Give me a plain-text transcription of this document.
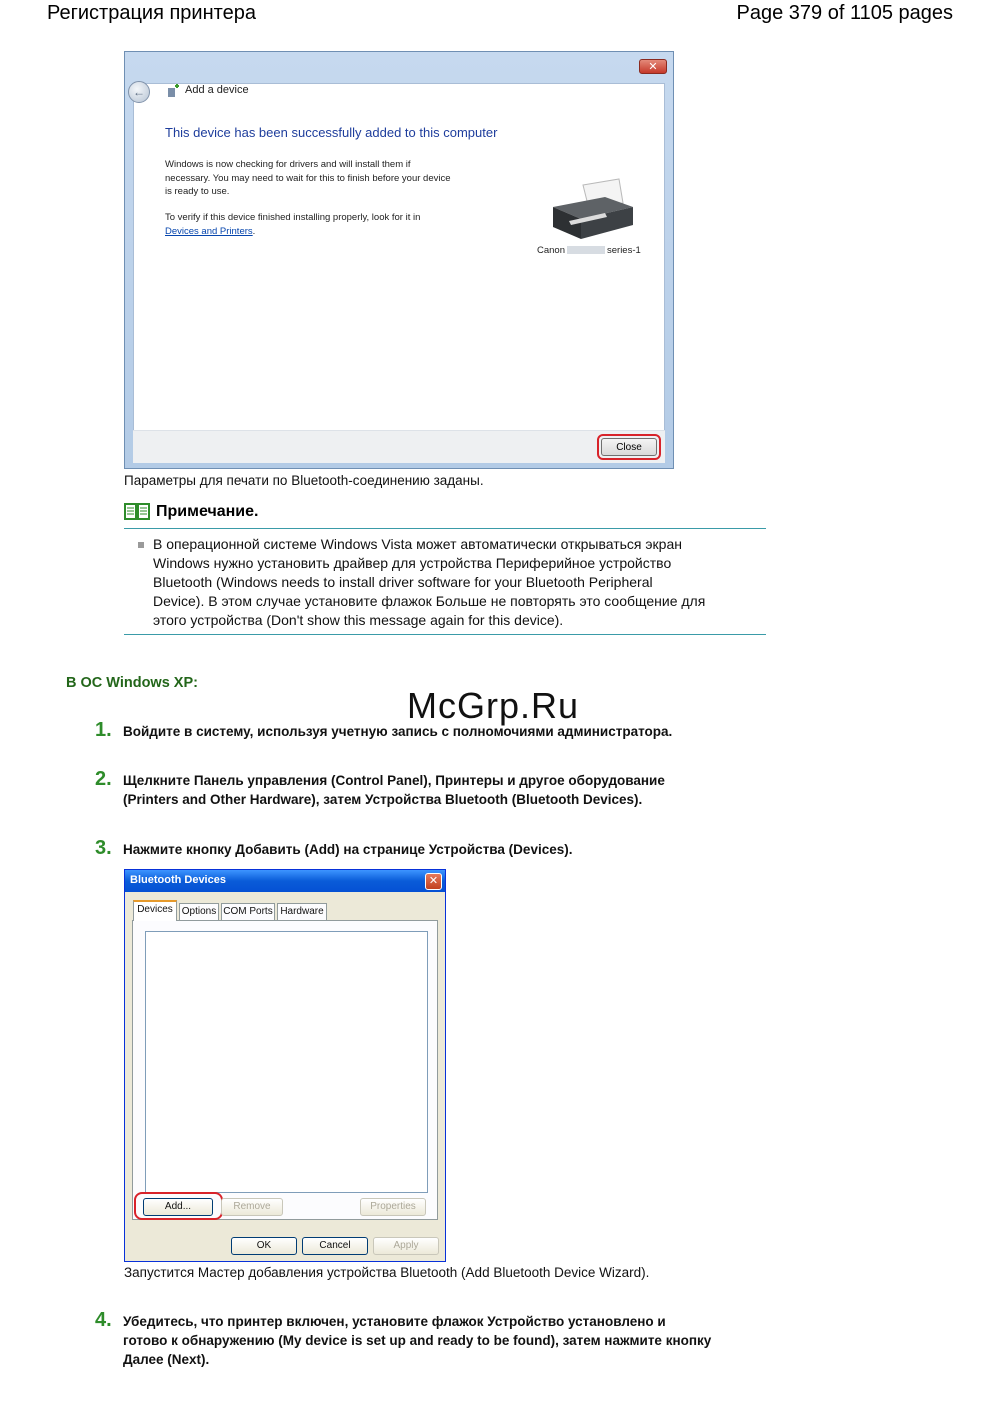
Регистрация принтера	Page 379 of 1105 pages
✕
←	Add a device
This device has been successfully added to this computer
Windows is now checking for drivers and will install them if
necessary. You may need to wait for this to finish before your device
is ready to use.
To verify if this device finished installing properly, look for it in
Devices and Printers.
Canon	series-1
Close
Параметры для печати по Bluetooth-соединению заданы.
Примечание.
В операционной системе Windows Vista может автоматически открываться экран
Windows нужно установить драйвер для устройства Периферийное устройство
Bluetooth (Windows needs to install driver software for your Bluetooth Peripheral
Device). В этом случае установите флажок Больше не повторять это сообщение для
этого устройства (Don't show this message again for this device).
В ОС Windows XP:
McGrp.Ru
1. Войдите в систему, используя учетную запись с полномочиями администратора.
2. Щелкните Панель управления (Control Panel), Принтеры и другое оборудование
(Printers and Other Hardware), затем Устройства Bluetooth (Bluetooth Devices).
3. Нажмите кнопку Добавить (Add) на странице Устройства (Devices).
Bluetooth Devices	✕
Devices Options COM Ports Hardware
Add...	Remove	Properties
OK	Cancel	Apply
Запустится Мастер добавления устройства Bluetooth (Add Bluetooth Device Wizard).
4. Убедитесь, что принтер включен, установите флажок Устройство установлено и
готово к обнаружению (My device is set up and ready to be found), затем нажмите кнопку
Далее (Next).
